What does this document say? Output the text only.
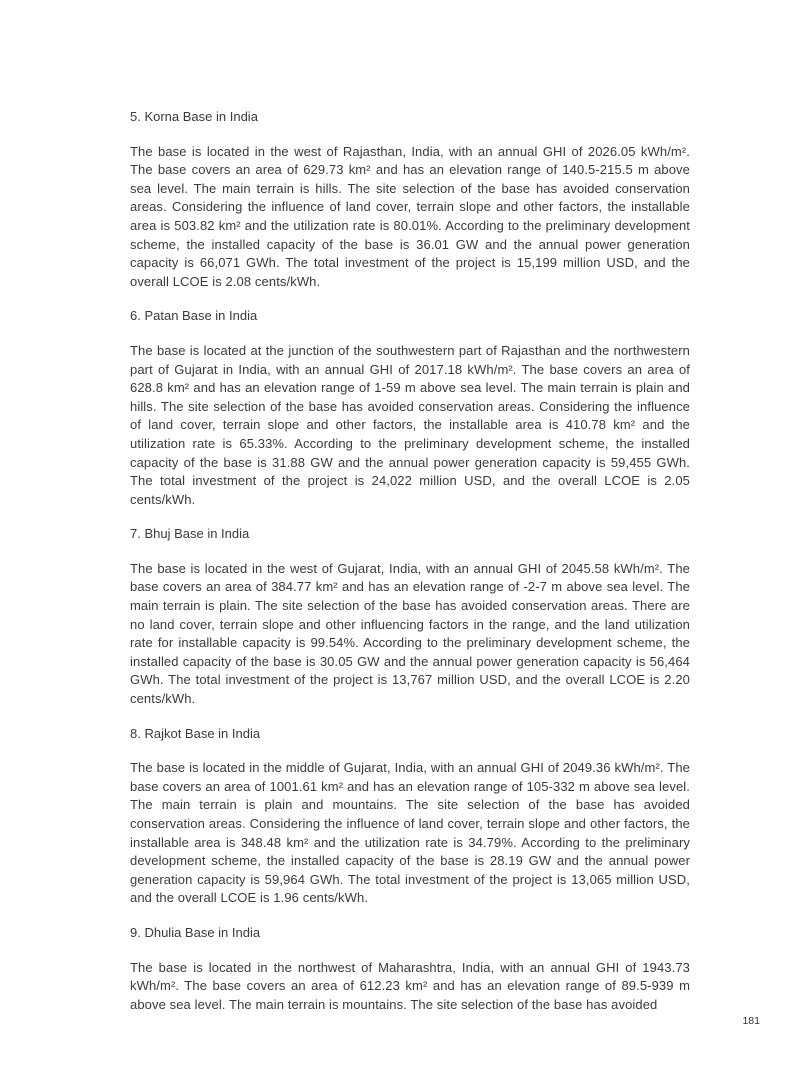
5. Korna Base in India

The base is located in the west of Rajasthan, India, with an annual GHI of 2026.05 kWh/m². The base covers an area of 629.73 km² and has an elevation range of 140.5-215.5 m above sea level. The main terrain is hills. The site selection of the base has avoided conservation areas. Considering the influence of land cover, terrain slope and other factors, the installable area is 503.82 km² and the utilization rate is 80.01%. According to the preliminary development scheme, the installed capacity of the base is 36.01 GW and the annual power generation capacity is 66,071 GWh. The total investment of the project is 15,199 million USD, and the overall LCOE is 2.08 cents/kWh.

6. Patan Base in India

The base is located at the junction of the southwestern part of Rajasthan and the northwestern part of Gujarat in India, with an annual GHI of 2017.18 kWh/m². The base covers an area of 628.8 km² and has an elevation range of 1-59 m above sea level. The main terrain is plain and hills. The site selection of the base has avoided conservation areas. Considering the influence of land cover, terrain slope and other factors, the installable area is 410.78 km² and the utilization rate is 65.33%. According to the preliminary development scheme, the installed capacity of the base is 31.88 GW and the annual power generation capacity is 59,455 GWh. The total investment of the project is 24,022 million USD, and the overall LCOE is 2.05 cents/kWh.

7. Bhuj Base in India

The base is located in the west of Gujarat, India, with an annual GHI of 2045.58 kWh/m². The base covers an area of 384.77 km² and has an elevation range of -2-7 m above sea level. The main terrain is plain. The site selection of the base has avoided conservation areas. There are no land cover, terrain slope and other influencing factors in the range, and the land utilization rate for installable capacity is 99.54%. According to the preliminary development scheme, the installed capacity of the base is 30.05 GW and the annual power generation capacity is 56,464 GWh. The total investment of the project is 13,767 million USD, and the overall LCOE is 2.20 cents/kWh.

8. Rajkot Base in India

The base is located in the middle of Gujarat, India, with an annual GHI of 2049.36 kWh/m². The base covers an area of 1001.61 km² and has an elevation range of 105-332 m above sea level. The main terrain is plain and mountains. The site selection of the base has avoided conservation areas. Considering the influence of land cover, terrain slope and other factors, the installable area is 348.48 km² and the utilization rate is 34.79%. According to the preliminary development scheme, the installed capacity of the base is 28.19 GW and the annual power generation capacity is 59,964 GWh. The total investment of the project is 13,065 million USD, and the overall LCOE is 1.96 cents/kWh.

9. Dhulia Base in India

The base is located in the northwest of Maharashtra, India, with an annual GHI of 1943.73 kWh/m². The base covers an area of 612.23 km² and has an elevation range of 89.5-939 m above sea level. The main terrain is mountains. The site selection of the base has avoided

181
